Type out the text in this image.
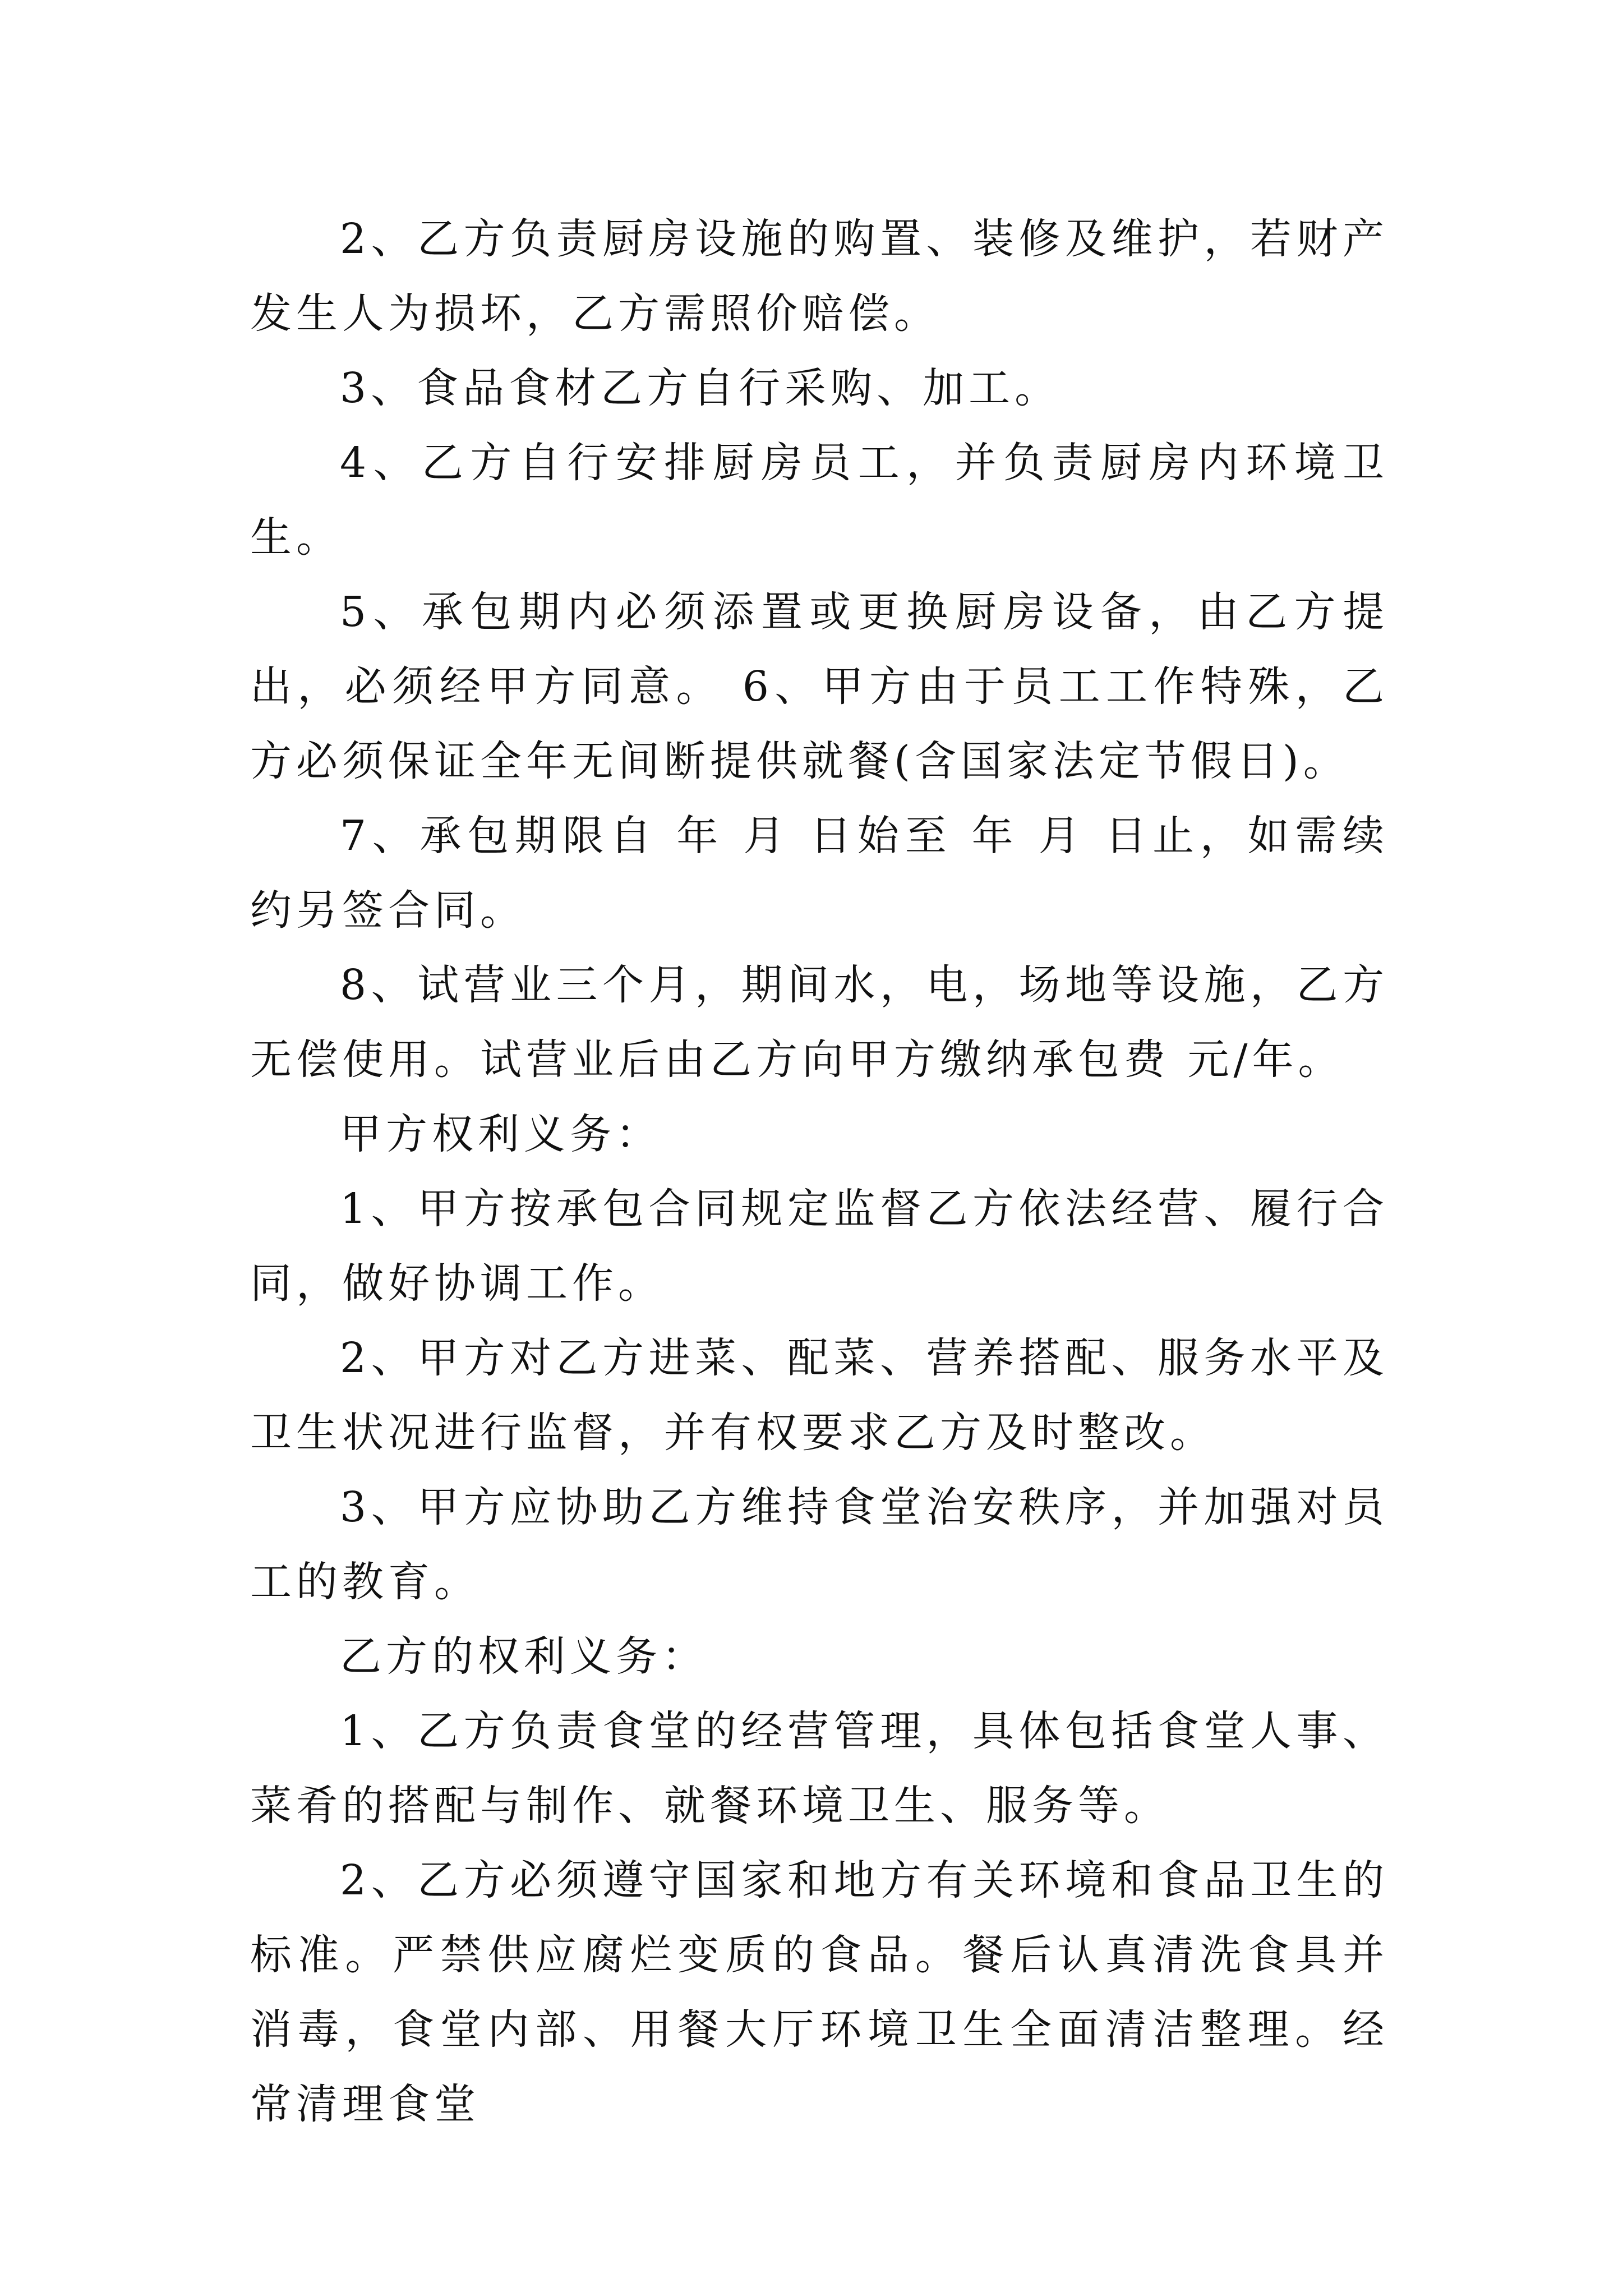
2、乙方负责厨房设施的购置、装修及维护，若财产发生人为损坏，乙方需照价赔偿。

3、食品食材乙方自行采购、加工。

4、乙方自行安排厨房员工，并负责厨房内环境卫生。

5、承包期内必须添置或更换厨房设备，由乙方提出，必须经甲方同意。 6、甲方由于员工工作特殊，乙方必须保证全年无间断提供就餐(含国家法定节假日)。

7、承包期限自 年 月 日始至 年 月 日止，如需续约另签合同。

8、试营业三个月，期间水，电，场地等设施，乙方无偿使用。试营业后由乙方向甲方缴纳承包费 元/年。

甲方权利义务：

1、甲方按承包合同规定监督乙方依法经营、履行合同，做好协调工作。

2、甲方对乙方进菜、配菜、营养搭配、服务水平及卫生状况进行监督，并有权要求乙方及时整改。

3、甲方应协助乙方维持食堂治安秩序，并加强对员工的教育。

乙方的权利义务：

1、乙方负责食堂的经营管理，具体包括食堂人事、菜肴的搭配与制作、就餐环境卫生、服务等。

2、乙方必须遵守国家和地方有关环境和食品卫生的标准。严禁供应腐烂变质的食品。餐后认真清洗食具并消毒，食堂内部、用餐大厅环境卫生全面清洁整理。经常清理食堂
